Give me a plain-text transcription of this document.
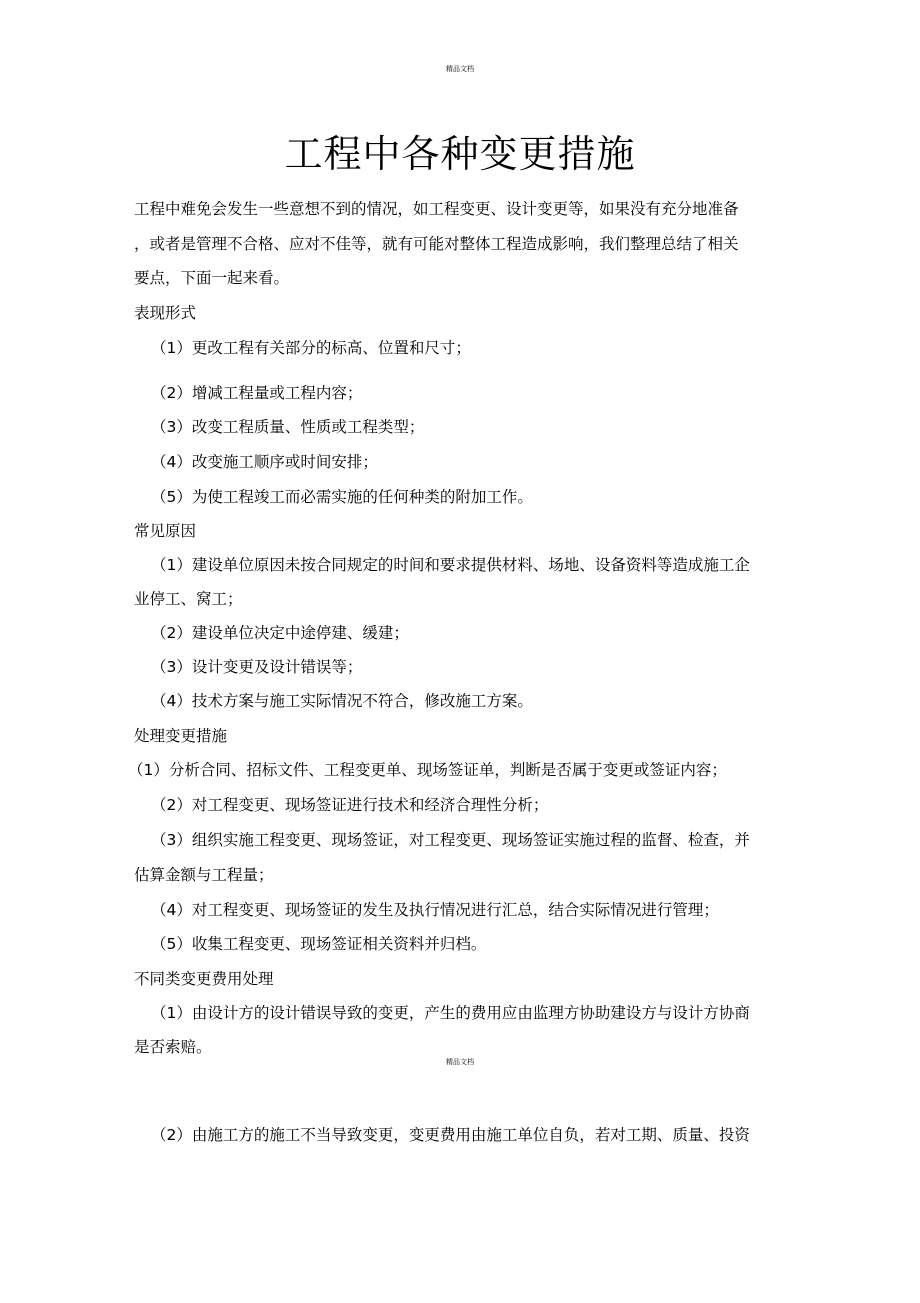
精品文档
工程中各种变更措施
工程中难免会发生一些意想不到的情况，如工程变更、设计变更等，如果没有充分地准备
，或者是管理不合格、应对不佳等，就有可能对整体工程造成影响，我们整理总结了相关
要点，下面一起来看。
表现形式
（1）更改工程有关部分的标高、位置和尺寸；
（2）增减工程量或工程内容；
（3）改变工程质量、性质或工程类型；
（4）改变施工顺序或时间安排；
（5）为使工程竣工而必需实施的任何种类的附加工作。
常见原因
（1）建设单位原因未按合同规定的时间和要求提供材料、场地、设备资料等造成施工企
业停工、窝工；
（2）建设单位决定中途停建、缓建；
（3）设计变更及设计错误等；
（4）技术方案与施工实际情况不符合，修改施工方案。
处理变更措施
（1）分析合同、招标文件、工程变更单、现场签证单，判断是否属于变更或签证内容；
（2）对工程变更、现场签证进行技术和经济合理性分析；
（3）组织实施工程变更、现场签证，对工程变更、现场签证实施过程的监督、检查，并
估算金额与工程量；
（4）对工程变更、现场签证的发生及执行情况进行汇总，结合实际情况进行管理；
（5）收集工程变更、现场签证相关资料并归档。
不同类变更费用处理
（1）由设计方的设计错误导致的变更，产生的费用应由监理方协助建设方与设计方协商
是否索赔。
精品文档
（2）由施工方的施工不当导致变更，变更费用由施工单位自负，若对工期、质量、投资
